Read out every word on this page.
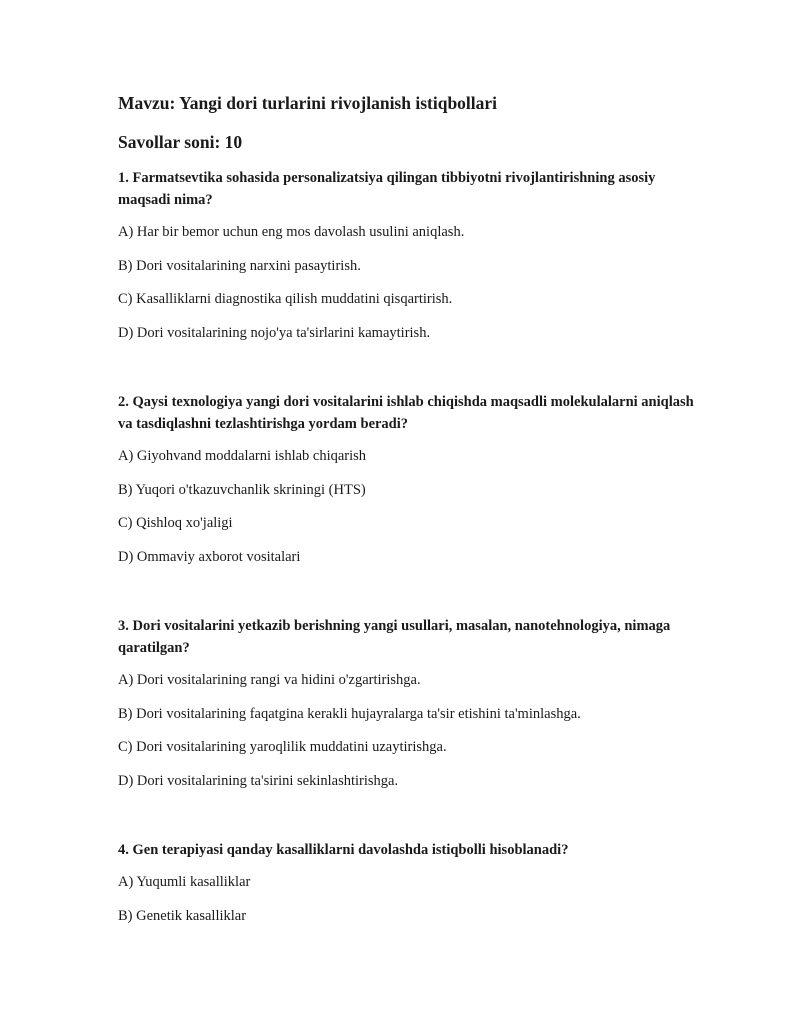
Mavzu: Yangi dori turlarini rivojlanish istiqbollari
Savollar soni: 10
1. Farmatsevtika sohasida personalizatsiya qilingan tibbiyotni rivojlantirishning asosiy maqsadi nima?
A) Har bir bemor uchun eng mos davolash usulini aniqlash.
B) Dori vositalarining narxini pasaytirish.
C) Kasalliklarni diagnostika qilish muddatini qisqartirish.
D) Dori vositalarining nojo'ya ta'sirlarini kamaytirish.
2. Qaysi texnologiya yangi dori vositalarini ishlab chiqishda maqsadli molekulalarni aniqlash va tasdiqlashni tezlashtirishga yordam beradi?
A) Giyohvand moddalarni ishlab chiqarish
B) Yuqori o'tkazuvchanlik skriningi (HTS)
C) Qishloq xo'jaligi
D) Ommaviy axborot vositalari
3. Dori vositalarini yetkazib berishning yangi usullari, masalan, nanotehnologiya, nimaga qaratilgan?
A) Dori vositalarining rangi va hidini o'zgartirishga.
B) Dori vositalarining faqatgina kerakli hujayralarga ta'sir etishini ta'minlashga.
C) Dori vositalarining yaroqlilik muddatini uzaytirishga.
D) Dori vositalarining ta'sirini sekinlashtirishga.
4. Gen terapiyasi qanday kasalliklarni davolashda istiqbolli hisoblanadi?
A) Yuqumli kasalliklar
B) Genetik kasalliklar
